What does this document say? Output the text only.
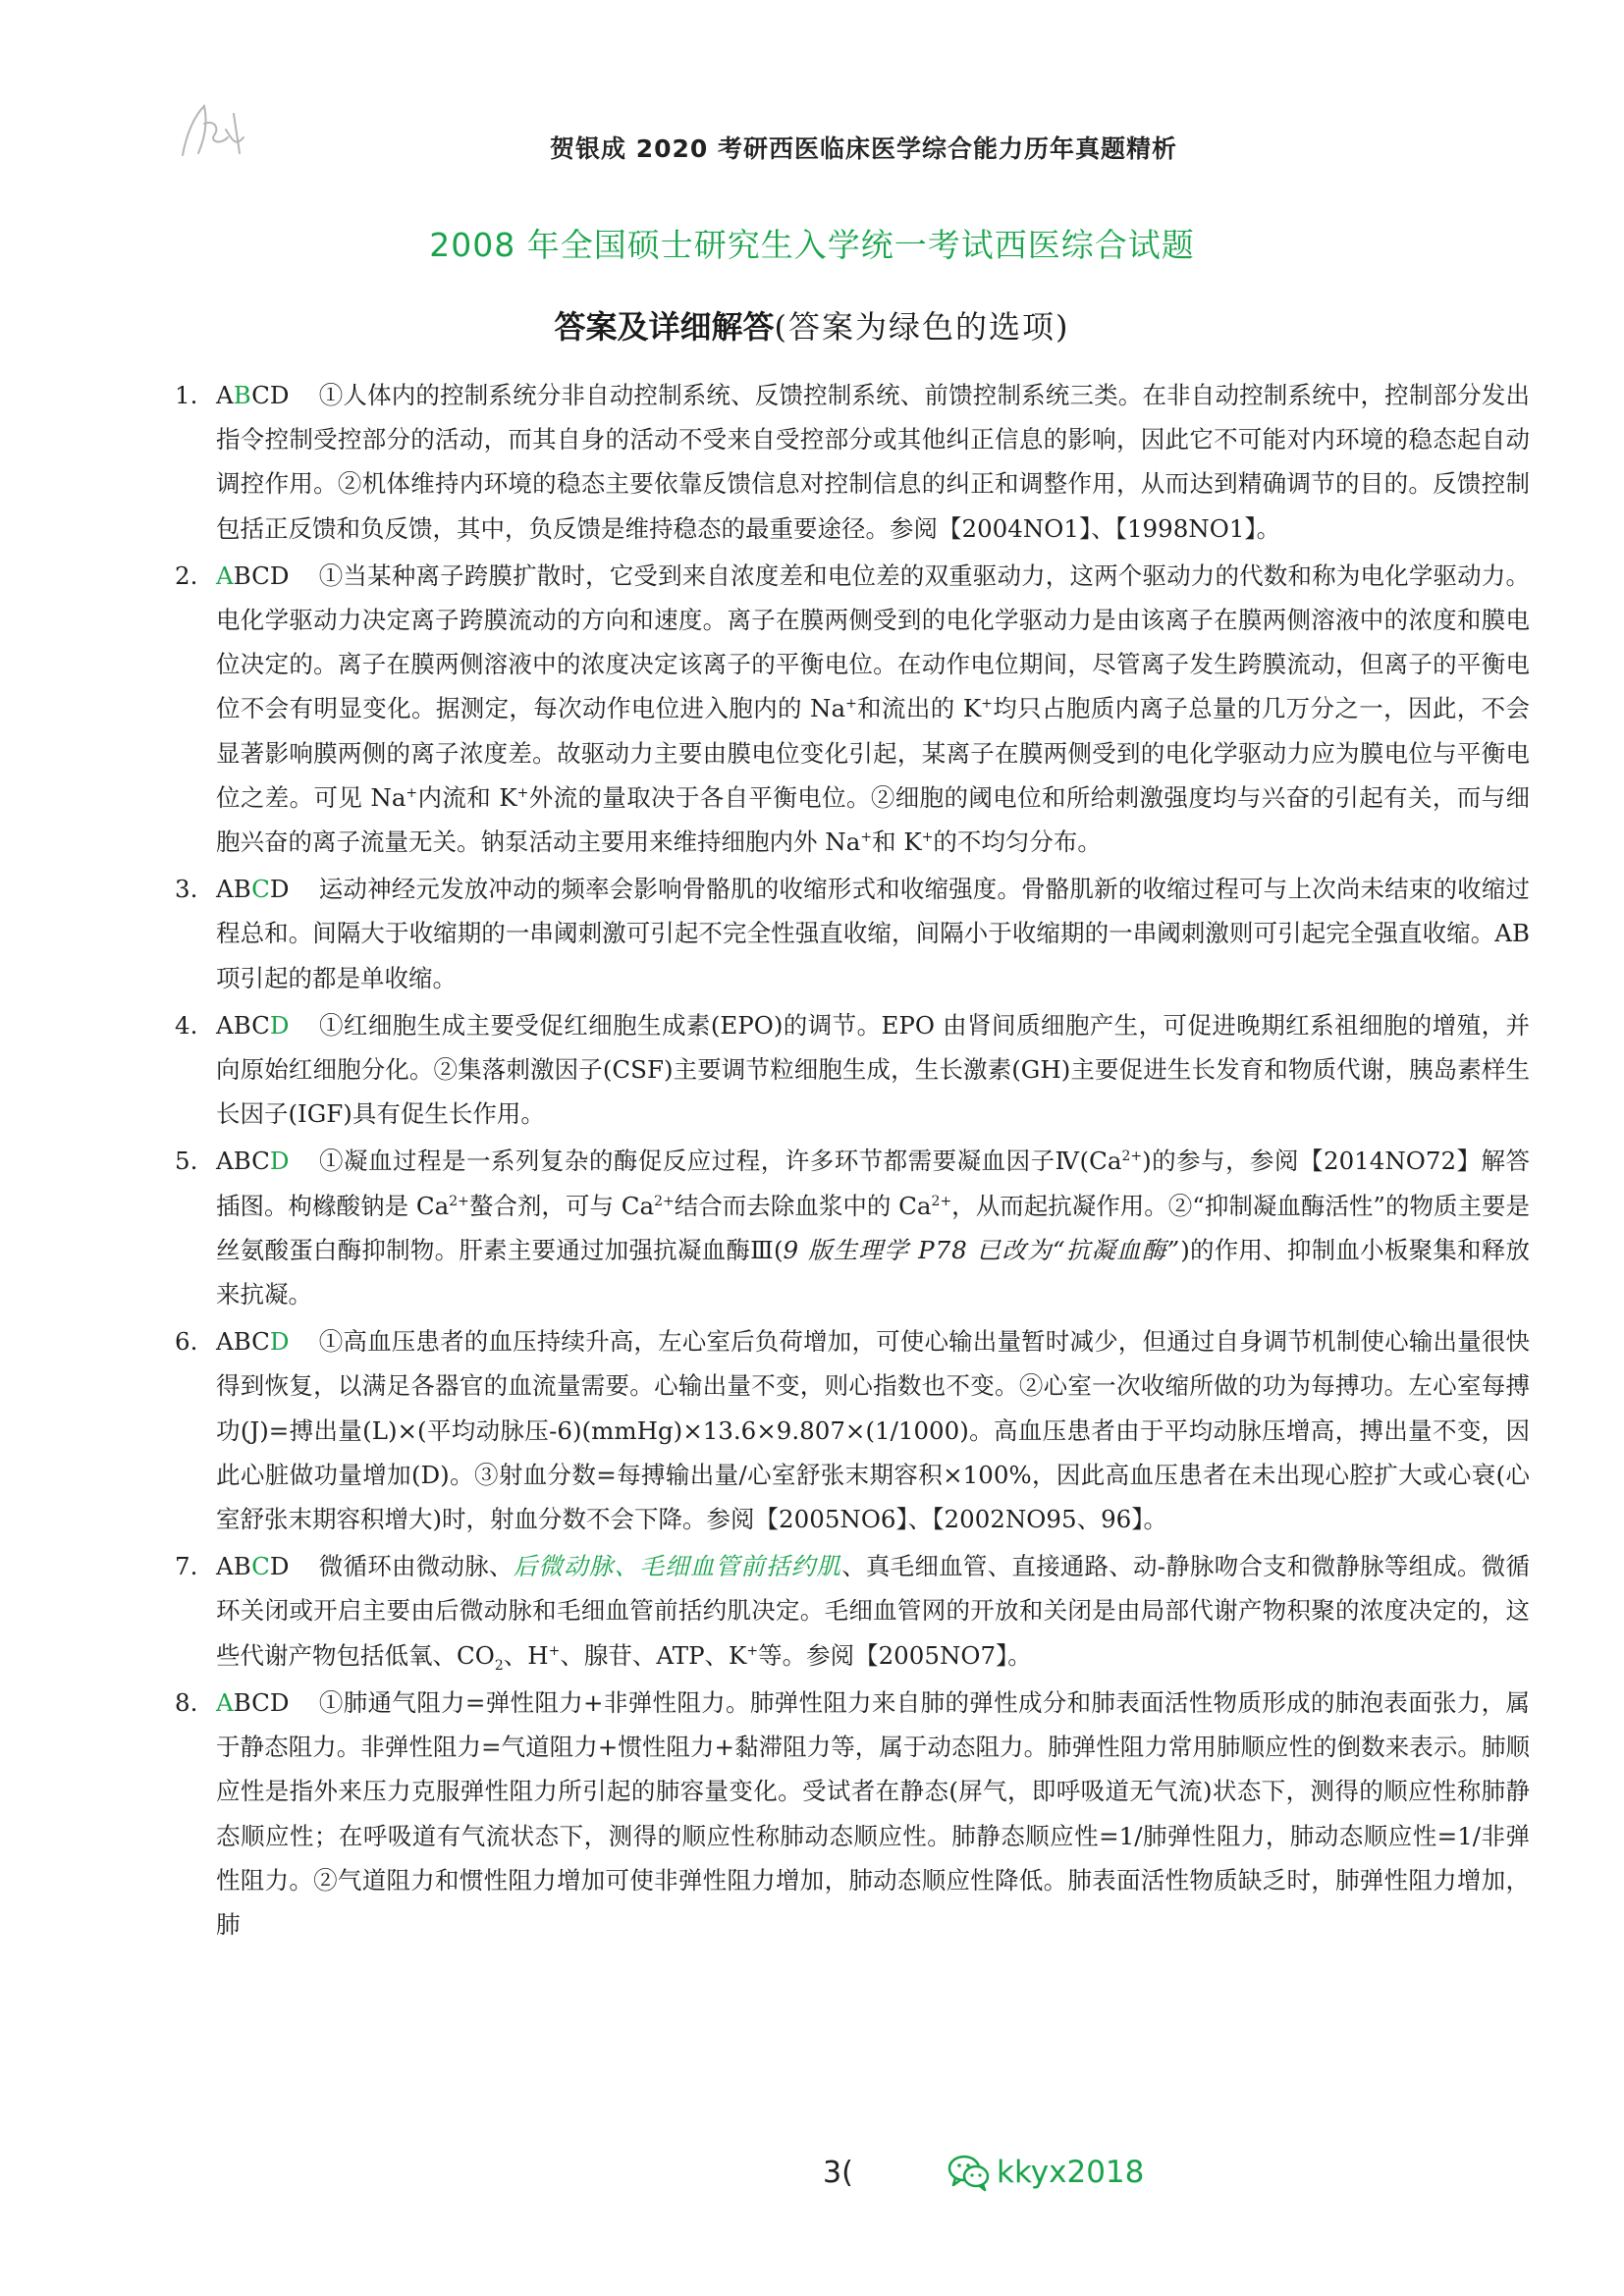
贺银成 2020 考研西医临床医学综合能力历年真题精析
2008 年全国硕士研究生入学统一考试西医综合试题
答案及详细解答(答案为绿色的选项)
1. ABCD ①人体内的控制系统分非自动控制系统、反馈控制系统、前馈控制系统三类。在非自动控制系统中，控制部分发出指令控制受控部分的活动，而其自身的活动不受来自受控部分或其他纠正信息的影响，因此它不可能对内环境的稳态起自动调控作用。②机体维持内环境的稳态主要依靠反馈信息对控制信息的纠正和调整作用，从而达到精确调节的目的。反馈控制包括正反馈和负反馈，其中，负反馈是维持稳态的最重要途径。参阅【2004NO1】、【1998NO1】。
2. ABCD ①当某种离子跨膜扩散时，它受到来自浓度差和电位差的双重驱动力，这两个驱动力的代数和称为电化学驱动力。电化学驱动力决定离子跨膜流动的方向和速度。离子在膜两侧受到的电化学驱动力是由该离子在膜两侧溶液中的浓度和膜电位决定的。离子在膜两侧溶液中的浓度决定该离子的平衡电位。在动作电位期间，尽管离子发生跨膜流动，但离子的平衡电位不会有明显变化。据测定，每次动作电位进入胞内的 Na+和流出的 K+均只占胞质内离子总量的几万分之一，因此，不会显著影响膜两侧的离子浓度差。故驱动力主要由膜电位变化引起，某离子在膜两侧受到的电化学驱动力应为膜电位与平衡电位之差。可见 Na+内流和 K+外流的量取决于各自平衡电位。②细胞的阈电位和所给刺激强度均与兴奋的引起有关，而与细胞兴奋的离子流量无关。钠泵活动主要用来维持细胞内外 Na+和 K+的不均匀分布。
3. ABCD 运动神经元发放冲动的频率会影响骨骼肌的收缩形式和收缩强度。骨骼肌新的收缩过程可与上次尚未结束的收缩过程总和。间隔大于收缩期的一串阈刺激可引起不完全性强直收缩，间隔小于收缩期的一串阈刺激则可引起完全强直收缩。AB 项引起的都是单收缩。
4. ABCD ①红细胞生成主要受促红细胞生成素(EPO)的调节。EPO 由肾间质细胞产生，可促进晚期红系祖细胞的增殖，并向原始红细胞分化。②集落刺激因子(CSF)主要调节粒细胞生成，生长激素(GH)主要促进生长发育和物质代谢，胰岛素样生长因子(IGF)具有促生长作用。
5. ABCD ①凝血过程是一系列复杂的酶促反应过程，许多环节都需要凝血因子$Ⅳ(Ca^{2+})$的参与，参阅【2014NO72】解答插图。枸橼酸钠是 $Ca^{2+}$螯合剂，可与 $Ca^{2+}$结合而去除血浆中的 $Ca^{2+}$，从而起抗凝作用。②“抑制凝血酶活性”的物质主要是丝氨酸蛋白酶抑制物。肝素主要通过加强抗凝血酶Ⅲ(9 版生理学 P78 已改为“抗凝血酶”)的作用、抑制血小板聚集和释放来抗凝。
6. ABCD ①高血压患者的血压持续升高，左心室后负荷增加，可使心输出量暂时减少，但通过自身调节机制使心输出量很快得到恢复，以满足各器官的血流量需要。心输出量不变，则心指数也不变。②心室一次收缩所做的功为每搏功。左心室每搏功(J)=搏出量(L)×(平均动脉压-6)(mmHg)×13.6×9.807×(1/1000)。高血压患者由于平均动脉压增高，搏出量不变，因此心脏做功量增加(D)。③射血分数=每搏输出量/心室舒张末期容积×100%，因此高血压患者在未出现心腔扩大或心衰(心室舒张末期容积增大)时，射血分数不会下降。参阅【2005NO6】、【2002NO95、96】。
7. ABCD 微循环由微动脉、后微动脉、毛细血管前括约肌、真毛细血管、直接通路、动-静脉吻合支和微静脉等组成。微循环关闭或开启主要由后微动脉和毛细血管前括约肌决定。毛细血管网的开放和关闭是由局部代谢产物积聚的浓度决定的，这些代谢产物包括低氧、$CO_2$、H+、腺苷、ATP、K+等。参阅【2005NO7】。
8. ABCD ①肺通气阻力=弹性阻力+非弹性阻力。肺弹性阻力来自肺的弹性成分和肺表面活性物质形成的肺泡表面张力，属于静态阻力。非弹性阻力=气道阻力+惯性阻力+黏滞阻力等，属于动态阻力。肺弹性阻力常用肺顺应性的倒数来表示。肺顺应性是指外来压力克服弹性阻力所引起的肺容量变化。受试者在静态(屏气，即呼吸道无气流)状态下，测得的顺应性称肺静态顺应性；在呼吸道有气流状态下，测得的顺应性称肺动态顺应性。肺静态顺应性=1/肺弹性阻力，肺动态顺应性=1/非弹性阻力。②气道阻力和惯性阻力增加可使非弹性阻力增加，肺动态顺应性降低。肺表面活性物质缺乏时，肺弹性阻力增加，肺
3(	kkyx2018
